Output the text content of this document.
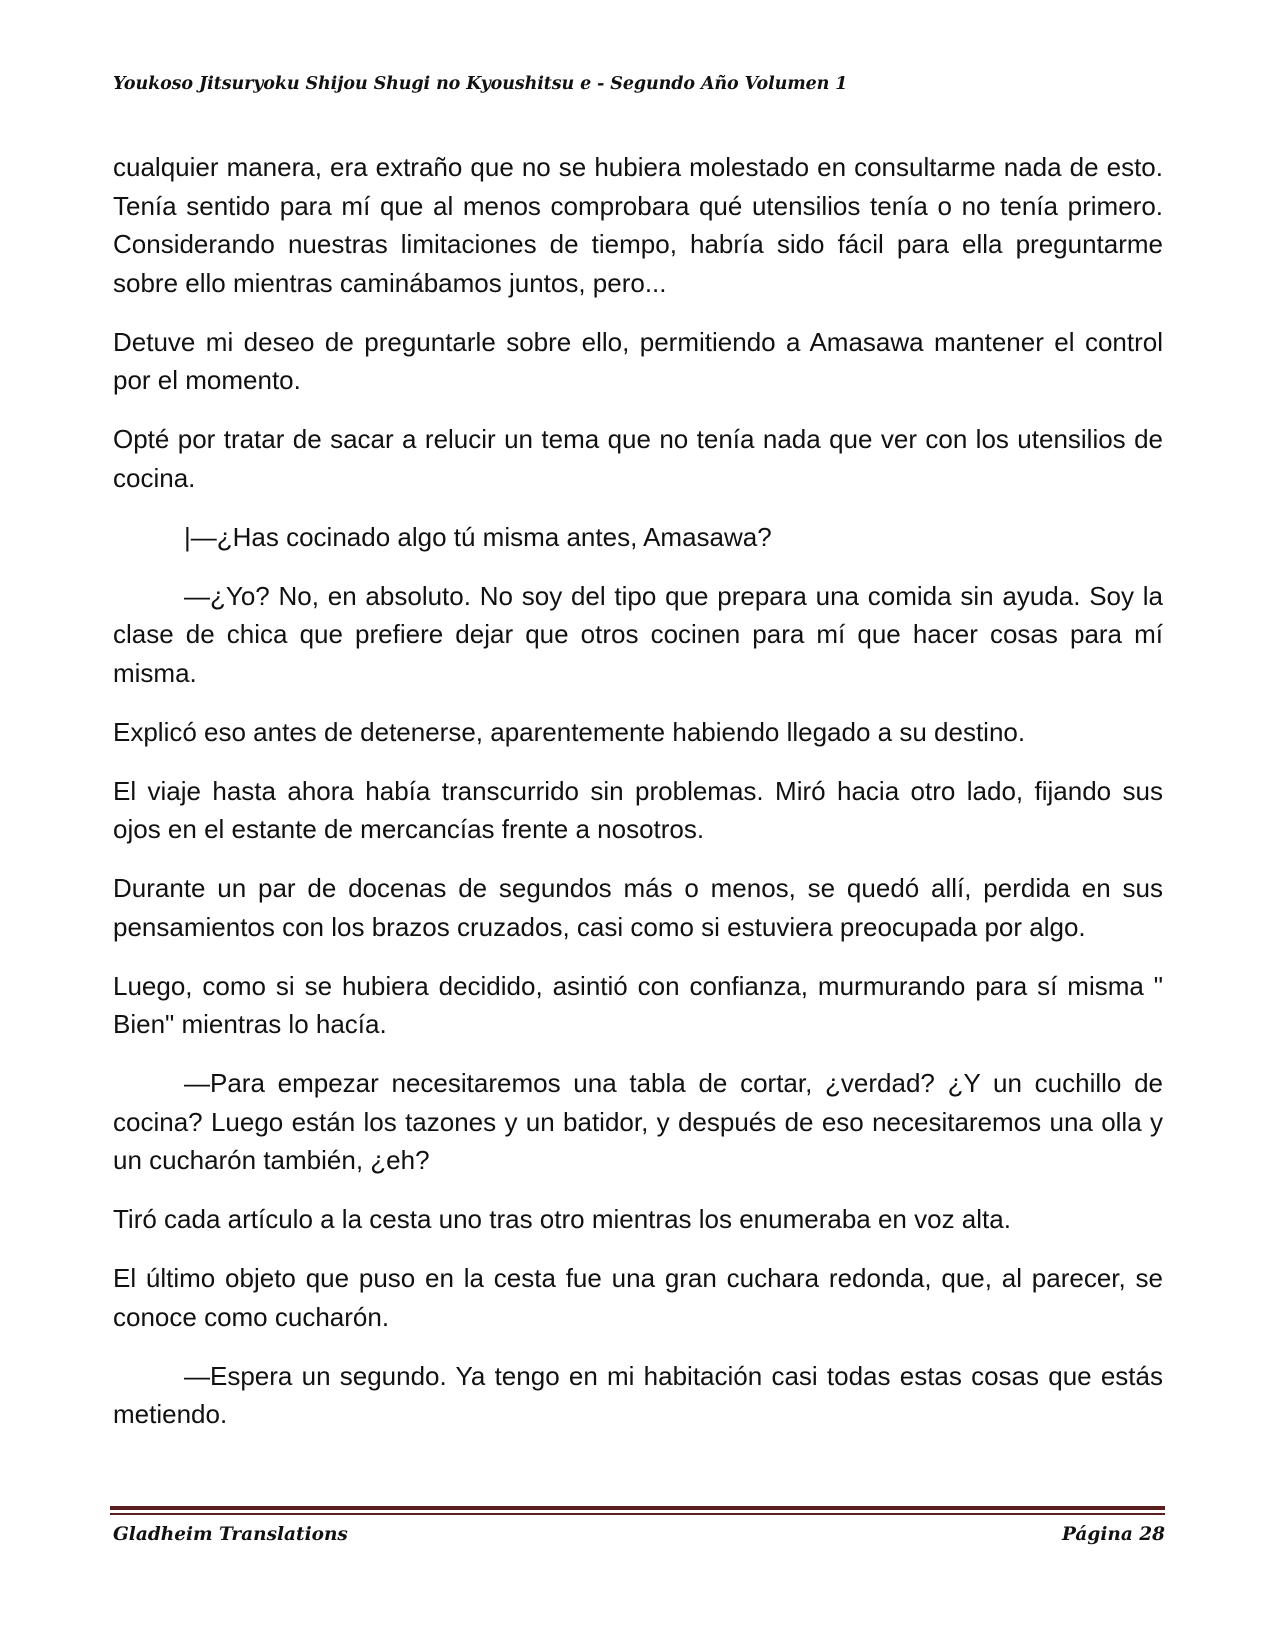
Youkoso Jitsuryoku Shijou Shugi no Kyoushitsu e - Segundo Año Volumen 1

cualquier manera, era extraño que no se hubiera molestado en consultarme nada de esto. Tenía sentido para mí que al menos comprobara qué utensilios tenía o no tenía primero. Considerando nuestras limitaciones de tiempo, habría sido fácil para ella preguntarme sobre ello mientras caminábamos juntos, pero...

Detuve mi deseo de preguntarle sobre ello, permitiendo a Amasawa mantener el control por el momento.

Opté por tratar de sacar a relucir un tema que no tenía nada que ver con los utensilios de cocina.

|—¿Has cocinado algo tú misma antes, Amasawa?

—¿Yo? No, en absoluto. No soy del tipo que prepara una comida sin ayuda. Soy la clase de chica que prefiere dejar que otros cocinen para mí que hacer cosas para mí misma.

Explicó eso antes de detenerse, aparentemente habiendo llegado a su destino.

El viaje hasta ahora había transcurrido sin problemas. Miró hacia otro lado, fijando sus ojos en el estante de mercancías frente a nosotros.

Durante un par de docenas de segundos más o menos, se quedó allí, perdida en sus pensamientos con los brazos cruzados, casi como si estuviera preocupada por algo.

Luego, como si se hubiera decidido, asintió con confianza, murmurando para sí misma " Bien" mientras lo hacía.

—Para empezar necesitaremos una tabla de cortar, ¿verdad? ¿Y un cuchillo de cocina? Luego están los tazones y un batidor, y después de eso necesitaremos una olla y un cucharón también, ¿eh?

Tiró cada artículo a la cesta uno tras otro mientras los enumeraba en voz alta.

El último objeto que puso en la cesta fue una gran cuchara redonda, que, al parecer, se conoce como cucharón.

—Espera un segundo. Ya tengo en mi habitación casi todas estas cosas que estás metiendo.

Gladheim Translations	Página 28
